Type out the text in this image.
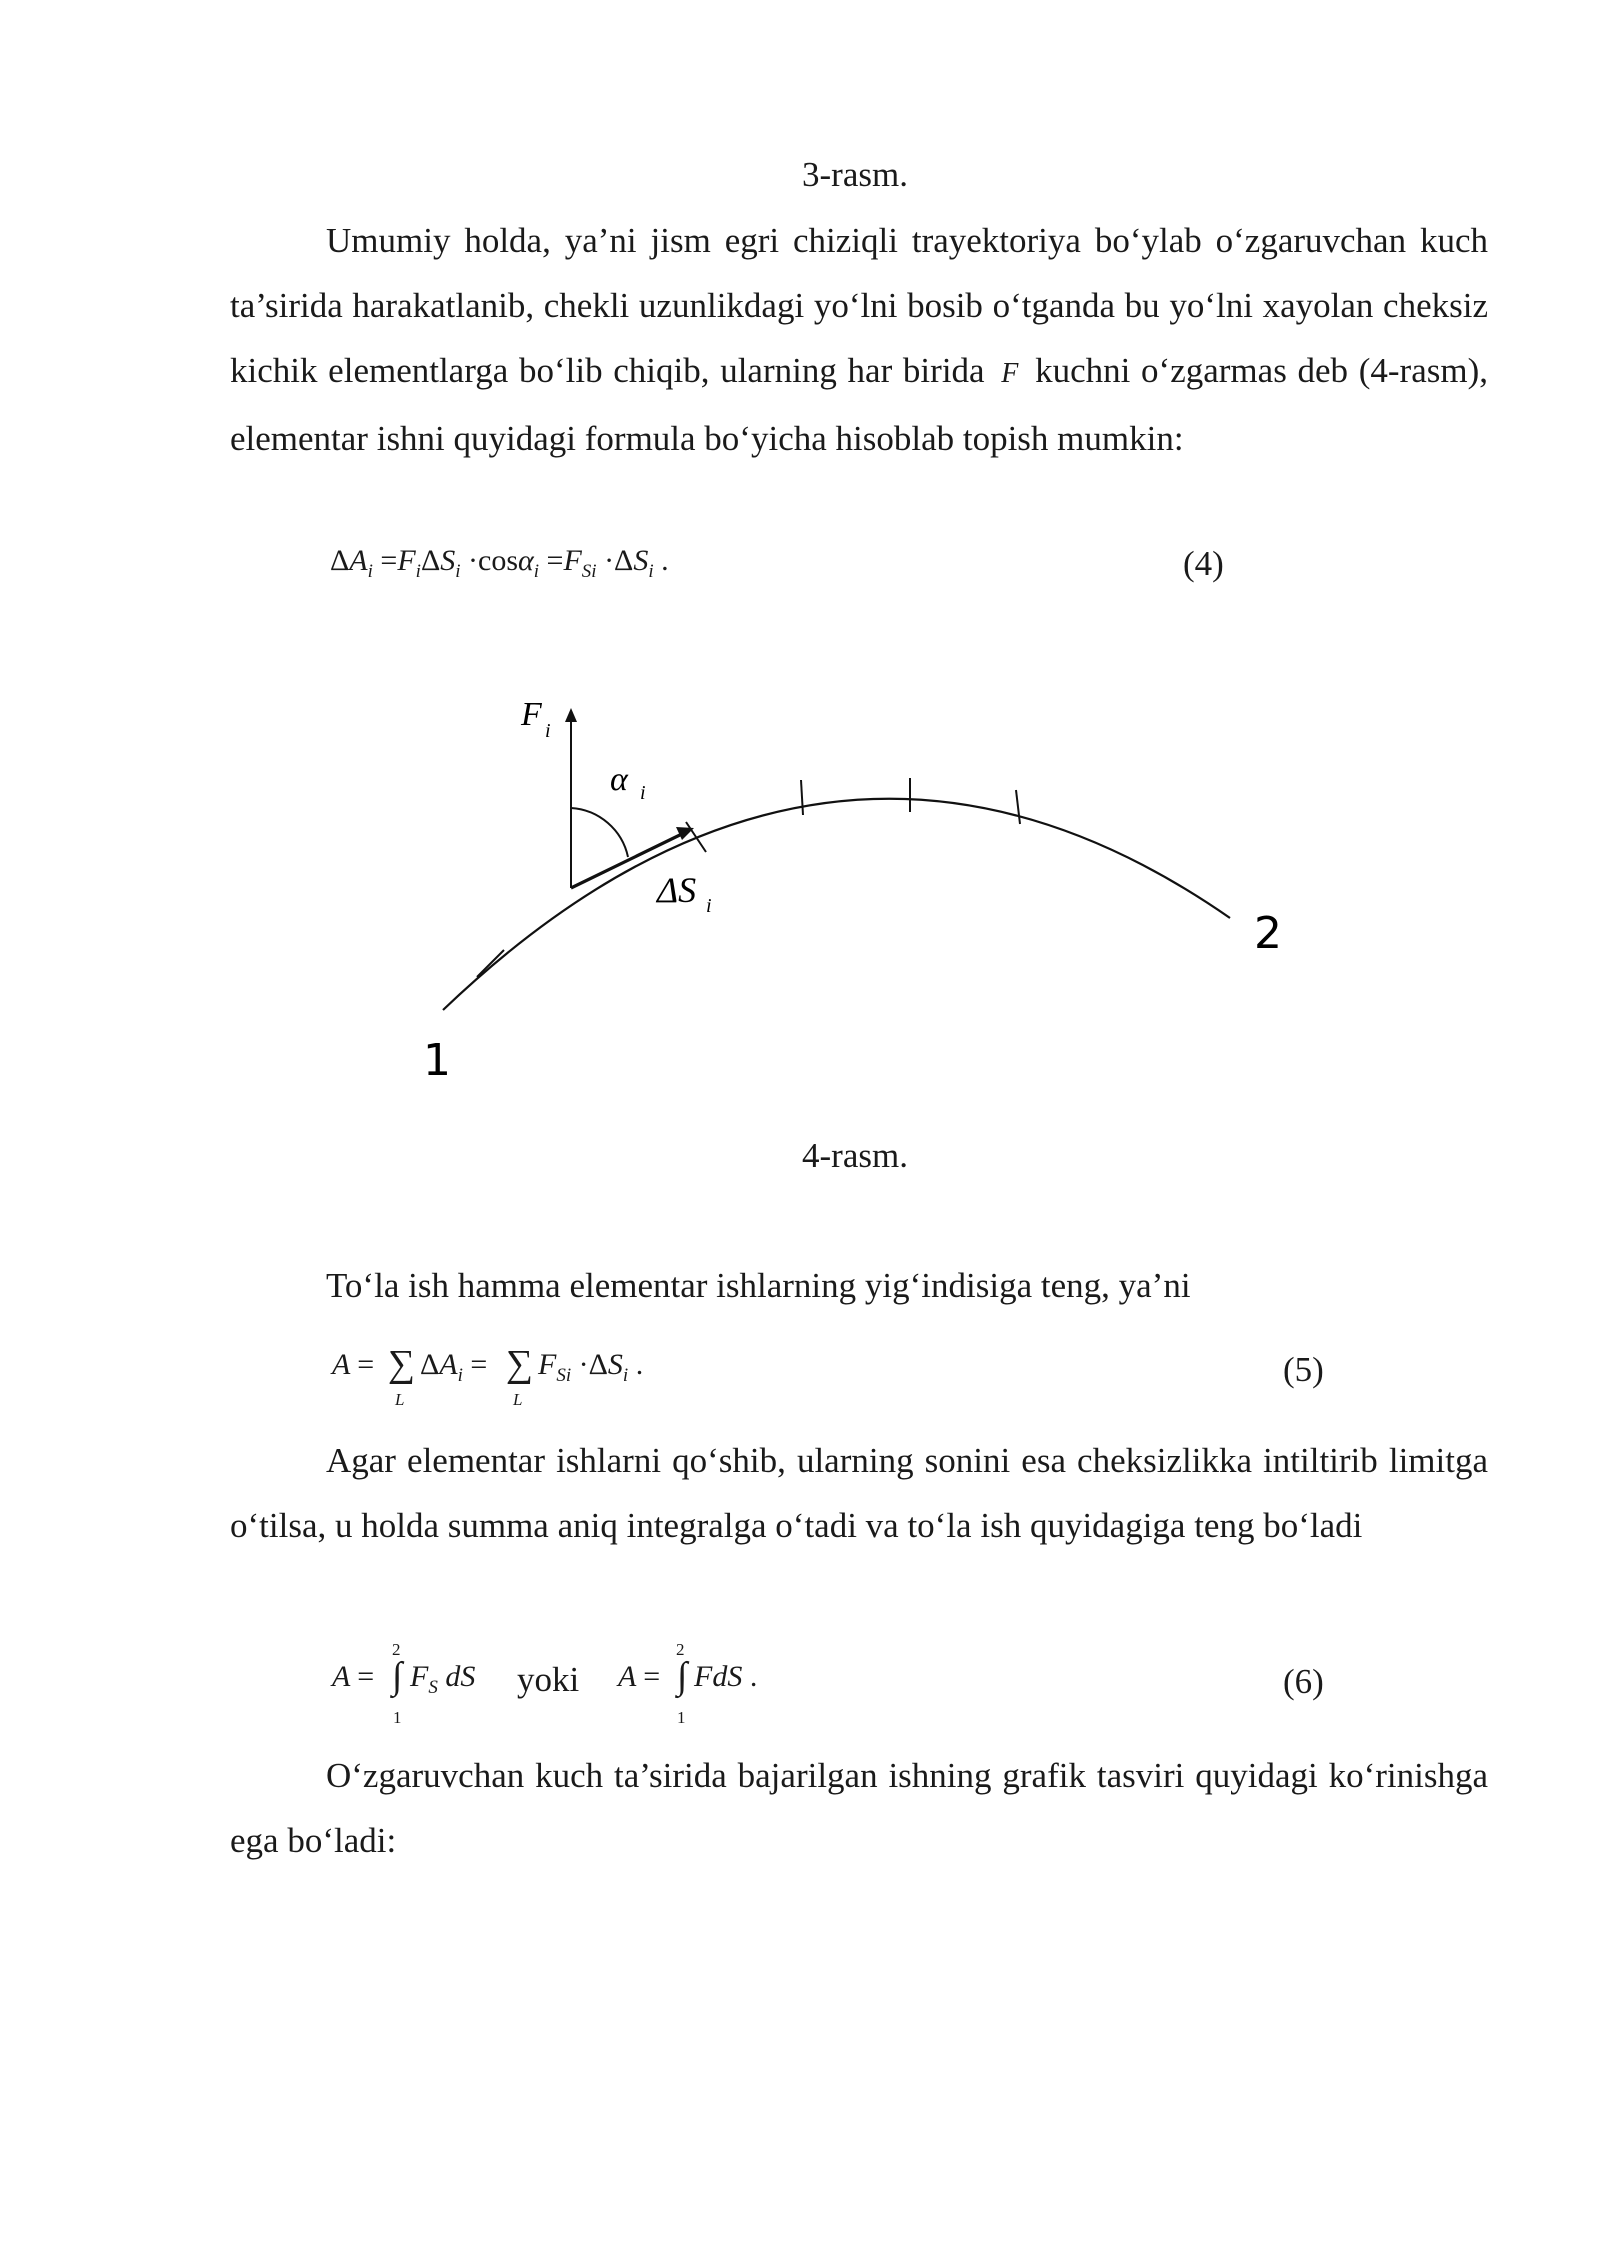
3-rasm.

Umumiy holda, ya’ni jism egri chiziqli trayektoriya bo‘ylab o‘zgaruvchan kuch ta’sirida harakatlanib, chekli uzunlikdagi yo‘lni bosib o‘tganda bu yo‘lni xayolan cheksiz kichik elementlarga bo‘lib chiqib, ularning har birida F kuchni o‘zgarmas deb (4-rasm), elementar ishni quyidagi formula bo‘yicha hisoblab topish mumkin:

$\Delta A_i =F_i\Delta S_i \cdot\cos\alpha_i =F_{Si} \cdot\Delta S_i$ .	(4)
F i
α i
ΔS i
1
2
4-rasm.

To‘la ish hamma elementar ishlarning yig‘indisiga teng, ya’ni

A = ∑
L
$\Delta A_i$ = ∑
L
$F_{Si} \cdot\Delta S_i$ .	(5)

Agar elementar ishlarni qo‘shib, ularning sonini esa cheksizlikka intiltirib limitga o‘tilsa, u holda summa aniq integralga o‘tadi va to‘la ish quyidagiga teng bo‘ladi

2
A = ∫
1
$F_S$ dS yoki
2
A = ∫
1
FdS .	(6)

O‘zgaruvchan kuch ta’sirida bajarilgan ishning grafik tasviri quyidagi ko‘rinishga ega bo‘ladi:
